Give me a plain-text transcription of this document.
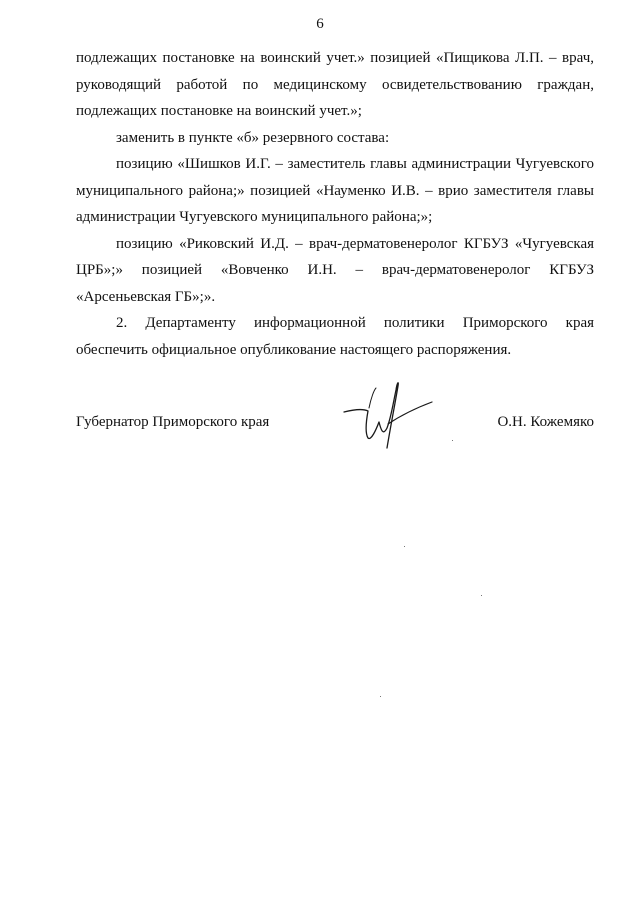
6

подлежащих постановке на воинский учет.» позицией «Пищикова Л.П. – врач, руководящий работой по медицинскому освидетельствованию граждан, подлежащих постановке на воинский учет.»;

заменить в пункте «б» резервного состава:

позицию «Шишков И.Г. – заместитель главы администрации Чугуевского муниципального района;» позицией «Науменко И.В. – врио заместителя главы администрации Чугуевского муниципального района;»;

позицию «Риковский И.Д. – врач-дерматовенеролог КГБУЗ «Чугуевская ЦРБ»;» позицией «Вовченко И.Н. – врач-дерматовенеролог КГБУЗ «Арсеньевская ГБ»;».

2. Департаменту информационной политики Приморского края обеспечить официальное опубликование настоящего распоряжения.

Губернатор Приморского края	О.Н. Кожемяко
